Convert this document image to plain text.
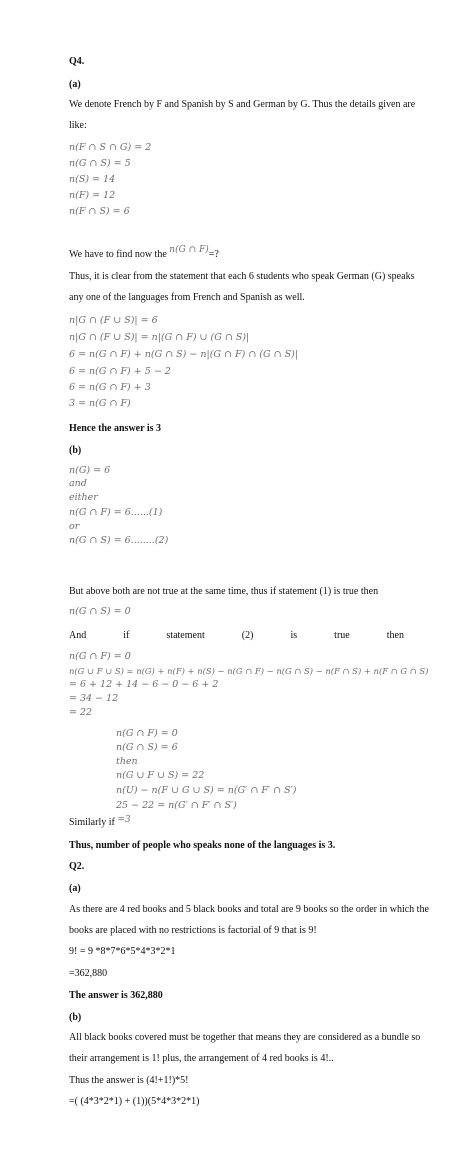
Q4.
(a)
We denote French by F and Spanish by S and German by G. Thus the details given are
like:
n(F ∩ S ∩ G) = 2
n(G ∩ S) = 5
n(S) = 14
n(F) = 12
n(F ∩ S) = 6
We have to find now the n(G ∩ F)=?
Thus, it is clear from the statement that each 6 students who speak German (G) speaks
any one of the languages from French and Spanish as well.
n|G ∩ (F ∪ S)| = 6
n|G ∩ (F ∪ S)| = n|(G ∩ F) ∪ (G ∩ S)|
6 = n(G ∩ F) + n(G ∩ S) − n|(G ∩ F) ∩ (G ∩ S)|
6 = n(G ∩ F) + 5 − 2
6 = n(G ∩ F) + 3
3 = n(G ∩ F)
Hence the answer is 3
(b)
n(G) = 6
and
either
n(G ∩ F) = 6......(1)
or
n(G ∩ S) = 6........(2)
But above both are not true at the same time, thus if statement (1) is true then
n(G ∩ S) = 0
And	if	statement	(2)	is	true	then
n(G ∩ F) = 0
n(G ∪ F ∪ S) = n(G) + n(F) + n(S) − n(G ∩ F) − n(G ∩ S) − n(F ∩ S) + n(F ∩ G ∩ S)
= 6 + 12 + 14 − 6 − 0 − 6 + 2
= 34 − 12
= 22
n(G ∩ F) = 0
n(G ∩ S) = 6
then
n(G ∪ F ∪ S) = 22
n(U) − n(F ∪ G ∪ S) = n(G′ ∩ F′ ∩ S′)
25 − 22 = n(G′ ∩ F′ ∩ S′)
Similarly if =3
Thus, number of people who speaks none of the languages is 3.
Q2.
(a)
As there are 4 red books and 5 black books and total are 9 books so the order in which the
books are placed with no restrictions is factorial of 9 that is 9!
9! = 9 *8*7*6*5*4*3*2*1
=362,880
The answer is 362,880
(b)
All black books covered must be together that means they are considered as a bundle so
their arrangement is 1! plus, the arrangement of 4 red books is 4!..
Thus the answer is (4!+1!)*5!
=( (4*3*2*1) + (1))(5*4*3*2*1)
